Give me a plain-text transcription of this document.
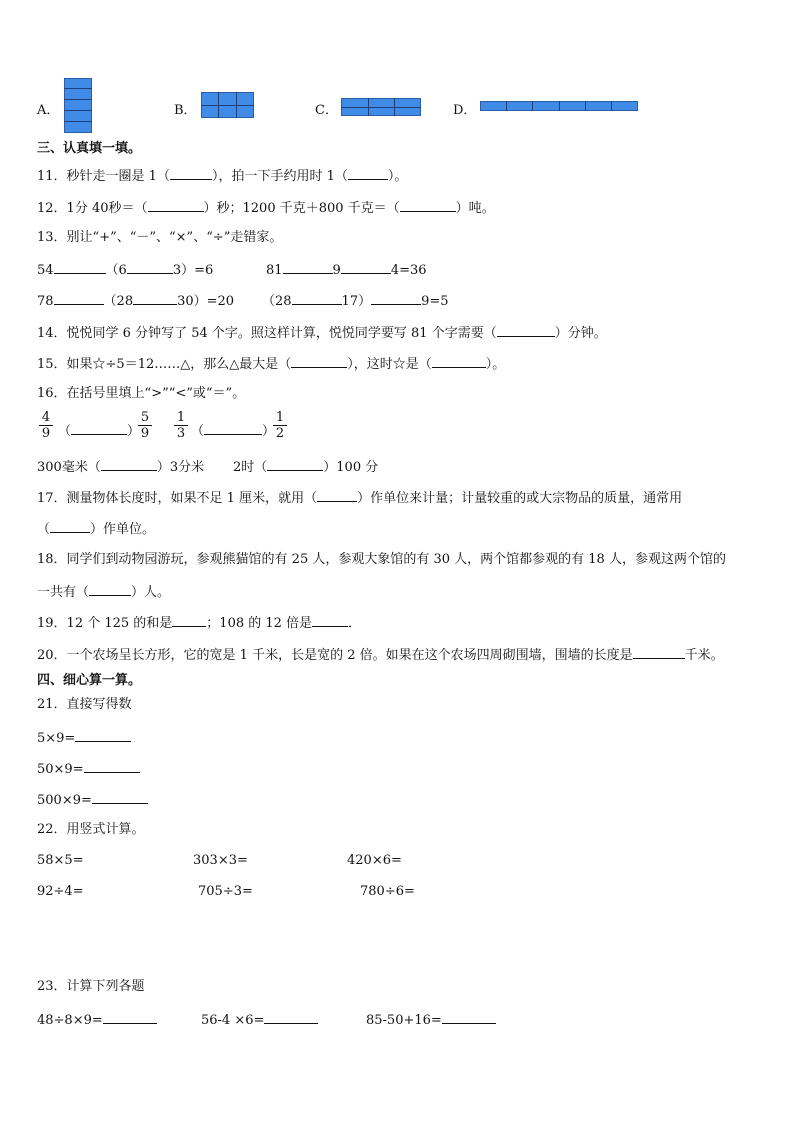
A．	B．	C．	D．
三、认真填一填。
11．秒针走一圈是 1（	），拍一下手约用时 1（	）。
12．1分 40秒＝（	）秒；1200 千克＋800 千克＝（	）吨。
13．别让“+”、“－”、“×”、“÷”走错家。
54	（6	3）=6	81	9	4=36
78	（28	30）=20 （28	17）	9=5
14．悦悦同学 6 分钟写了 54 个字。照这样计算，悦悦同学要写 81 个字需要（	）分钟。
15．如果☆÷5＝12……△，那么△最大是（	），这时☆是（	）。
16．在括号里填上“>”“<”或“＝”。
$\frac{4}{9}$ （	）
$\frac{5}{9} \frac{1}{3}$ （	）
$\frac{1}{2}$
300毫米（	）3分米 2时（	）100 分
17．测量物体长度时，如果不足 1 厘米，就用（	）作单位来计量；计量较重的或大宗物品的质量，通常用
（	）作单位。
18．同学们到动物园游玩，参观熊猫馆的有 25 人，参观大象馆的有 30 人，两个馆都参观的有 18 人，参观这两个馆的
一共有（	）人。
19．12 个 125 的和是	；108 的 12 倍是	．
20．一个农场呈长方形，它的宽是 1 千米，长是宽的 2 倍。如果在这个农场四周砌围墙，围墙的长度是	千米。
四、细心算一算。
21．直接写得数
5×9=
50×9=
500×9=
22．用竖式计算。
58×5=	303×3=	420×6=
92÷4=	705÷3=	780÷6=
23．计算下列各题
48÷8×9=	56-4 ×6=	85-50+16=
